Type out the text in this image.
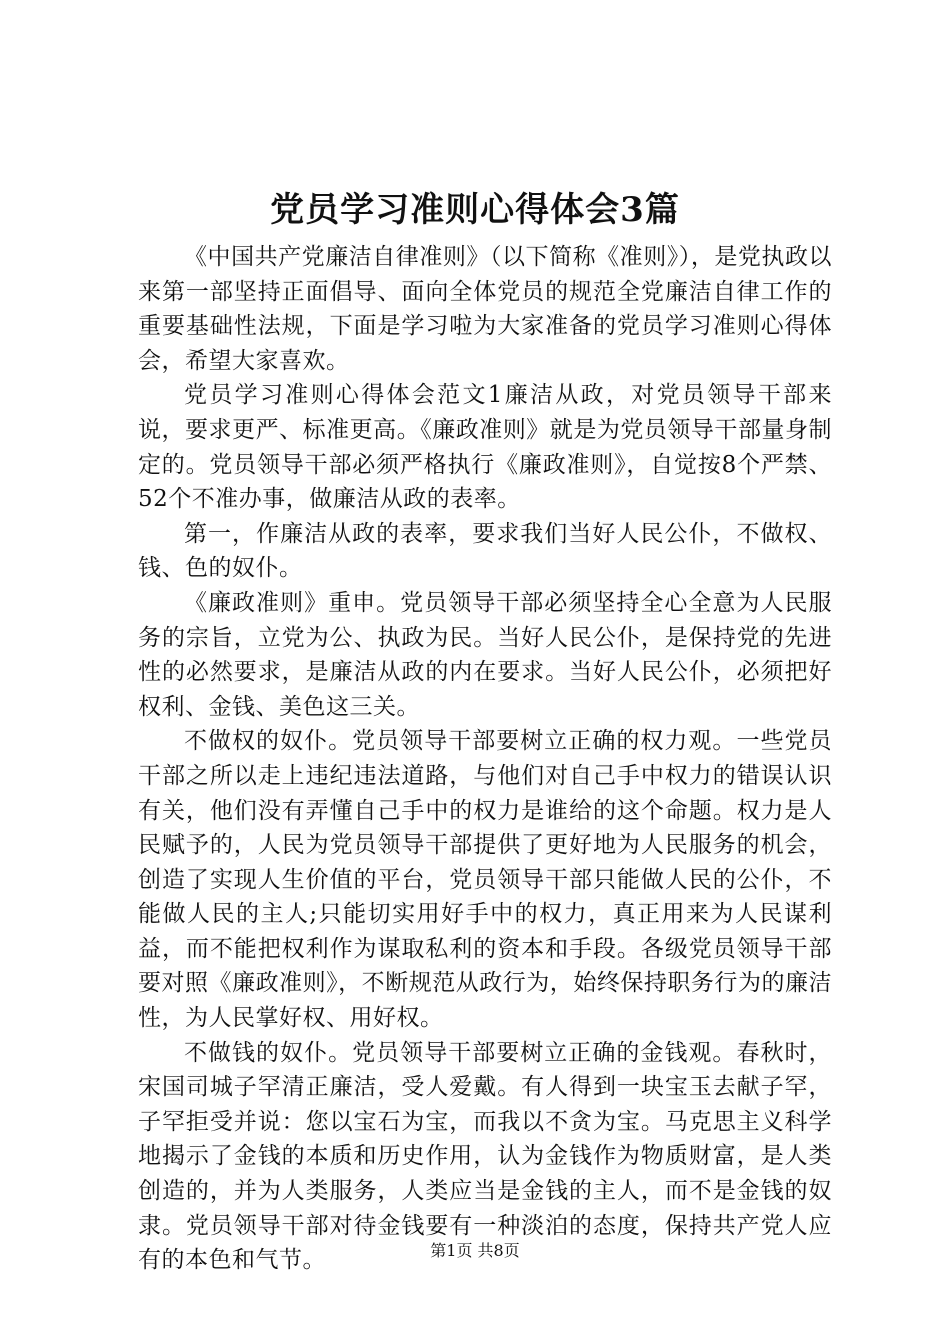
党员学习准则心得体会3篇

《中国共产党廉洁自律准则》（以下简称《准则》），是党执政以来第一部坚持正面倡导、面向全体党员的规范全党廉洁自律工作的重要基础性法规，下面是学习啦为大家准备的党员学习准则心得体会，希望大家喜欢。

党员学习准则心得体会范文1廉洁从政，对党员领导干部来说，要求更严、标准更高。《廉政准则》就是为党员领导干部量身制定的。党员领导干部必须严格执行《廉政准则》，自觉按8个严禁、52个不准办事，做廉洁从政的表率。

第一，作廉洁从政的表率，要求我们当好人民公仆，不做权、钱、色的奴仆。

《廉政准则》重申。党员领导干部必须坚持全心全意为人民服务的宗旨，立党为公、执政为民。当好人民公仆，是保持党的先进性的必然要求，是廉洁从政的内在要求。当好人民公仆，必须把好权利、金钱、美色这三关。

不做权的奴仆。党员领导干部要树立正确的权力观。一些党员干部之所以走上违纪违法道路，与他们对自己手中权力的错误认识有关，他们没有弄懂自己手中的权力是谁给的这个命题。权力是人民赋予的，人民为党员领导干部提供了更好地为人民服务的机会，创造了实现人生价值的平台，党员领导干部只能做人民的公仆，不能做人民的主人;只能切实用好手中的权力，真正用来为人民谋利益，而不能把权利作为谋取私利的资本和手段。各级党员领导干部要对照《廉政准则》，不断规范从政行为，始终保持职务行为的廉洁性，为人民掌好权、用好权。

不做钱的奴仆。党员领导干部要树立正确的金钱观。春秋时，宋国司城子罕清正廉洁，受人爱戴。有人得到一块宝玉去献子罕，子罕拒受并说：您以宝石为宝，而我以不贪为宝。马克思主义科学地揭示了金钱的本质和历史作用，认为金钱作为物质财富，是人类创造的，并为人类服务，人类应当是金钱的主人，而不是金钱的奴隶。党员领导干部对待金钱要有一种淡泊的态度，保持共产党人应有的本色和气节。	第1页 共8页
